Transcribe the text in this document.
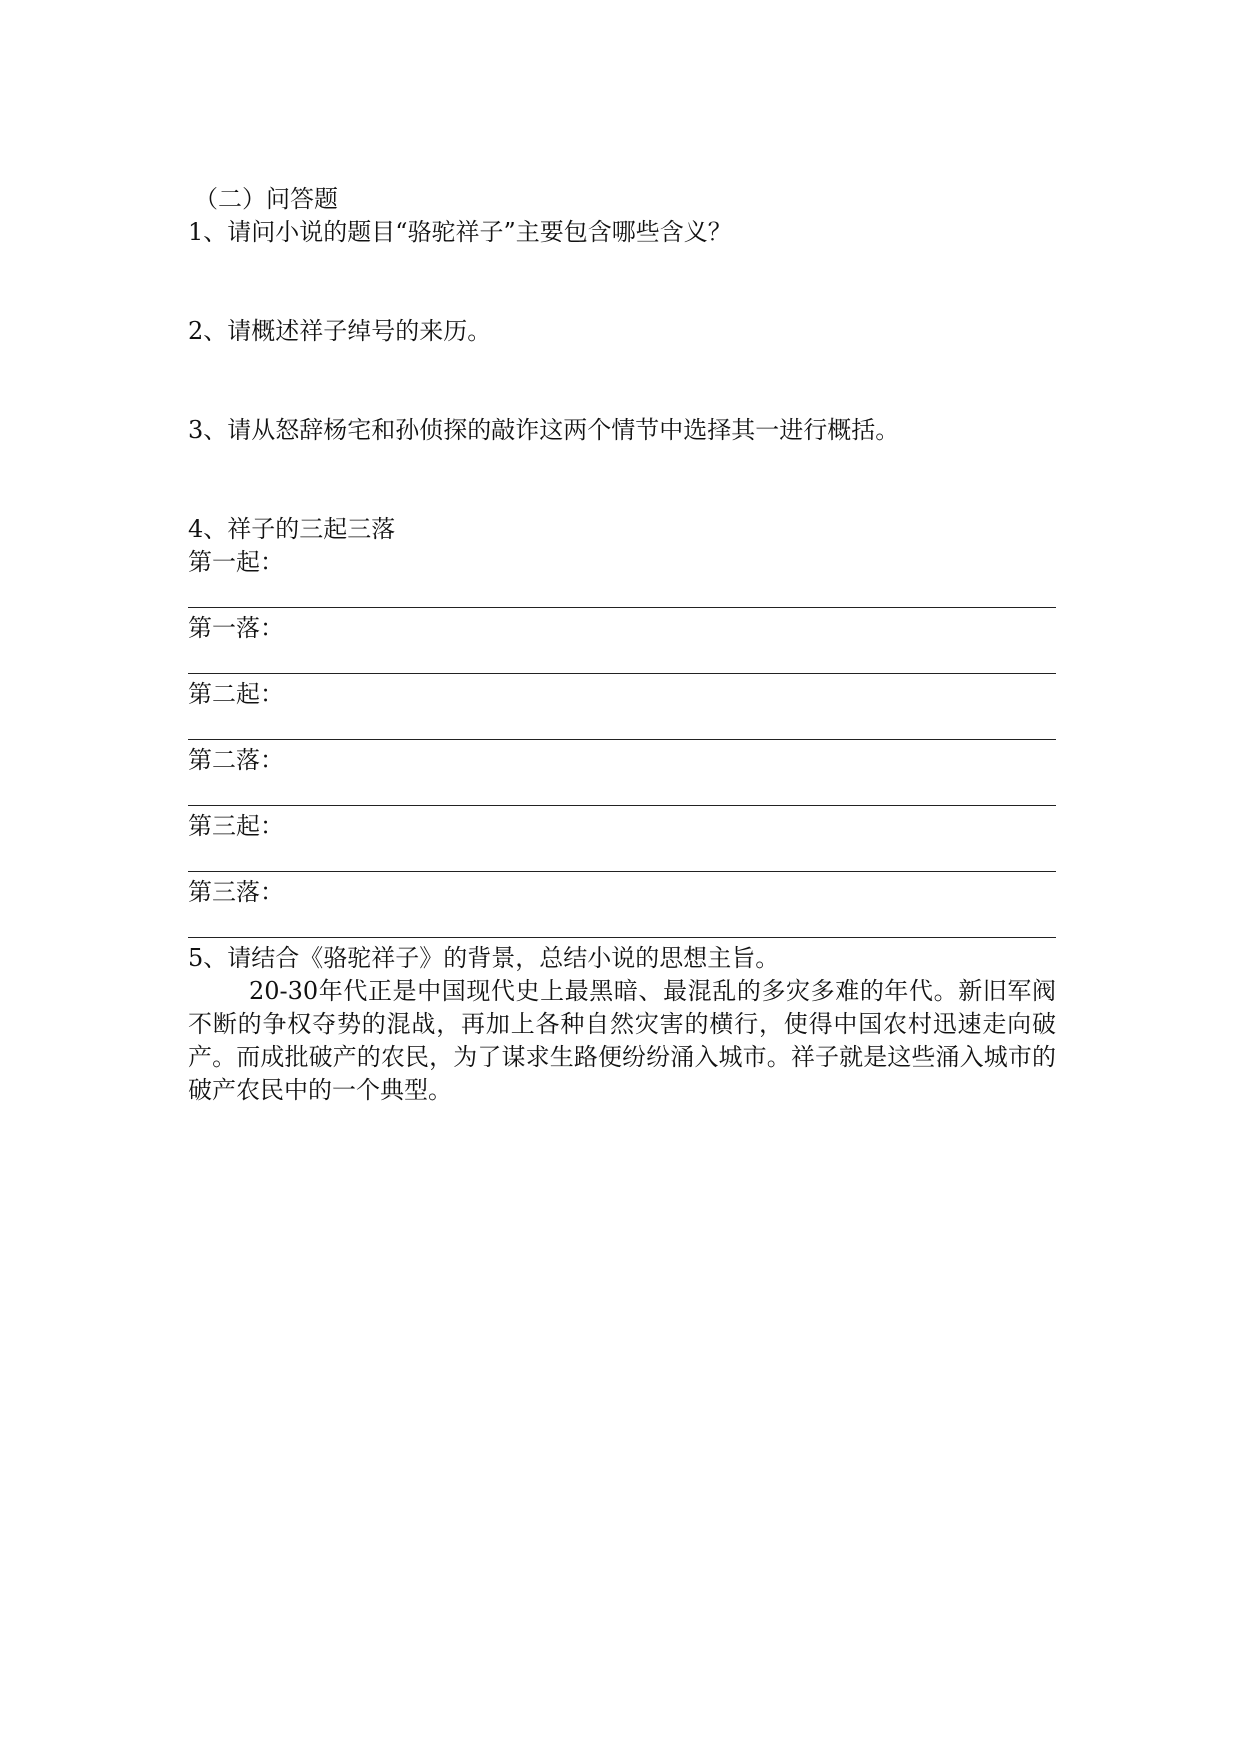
（二）问答题

1、请问小说的题目“骆驼祥子”主要包含哪些含义？

2、请概述祥子绰号的来历。

3、请从怒辞杨宅和孙侦探的敲诈这两个情节中选择其一进行概括。

4、祥子的三起三落

第一起：

第一落：

第二起：

第二落：

第三起：

第三落：

5、请结合《骆驼祥子》的背景，总结小说的思想主旨。

20-30年代正是中国现代史上最黑暗、最混乱的多灾多难的年代。新旧军阀不断的争权夺势的混战，再加上各种自然灾害的横行，使得中国农村迅速走向破产。而成批破产的农民，为了谋求生路便纷纷涌入城市。祥子就是这些涌入城市的破产农民中的一个典型。
